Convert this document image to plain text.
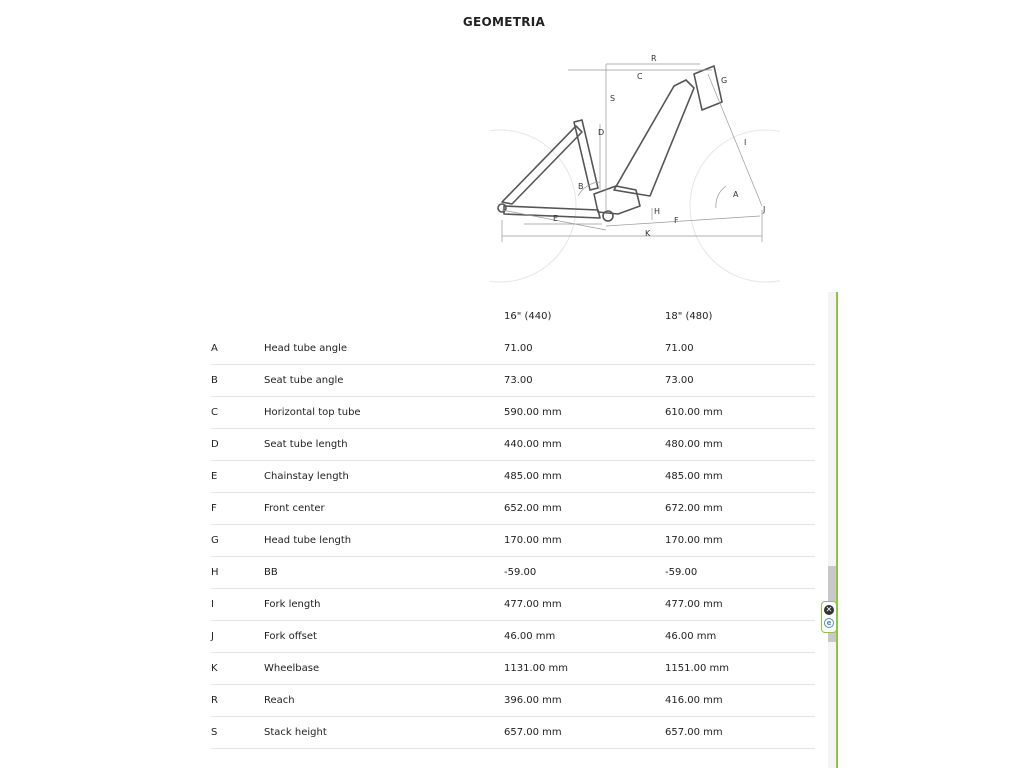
GEOMETRIA
R
C	G
S
D
I
B
A
H
E	F
K
J
		16" (440)	18" (480)
A	Head tube angle	71.00	71.00
B	Seat tube angle	73.00	73.00
C	Horizontal top tube	590.00 mm	610.00 mm
D	Seat tube length	440.00 mm	480.00 mm
E	Chainstay length	485.00 mm	485.00 mm
F	Front center	652.00 mm	672.00 mm
G	Head tube length	170.00 mm	170.00 mm
H	BB	-59.00	-59.00
I	Fork length	477.00 mm	477.00 mm
J	Fork offset	46.00 mm	46.00 mm
K	Wheelbase	1131.00 mm	1151.00 mm
R	Reach	396.00 mm	416.00 mm
S	Stack height	657.00 mm	657.00 mm
✕
e
